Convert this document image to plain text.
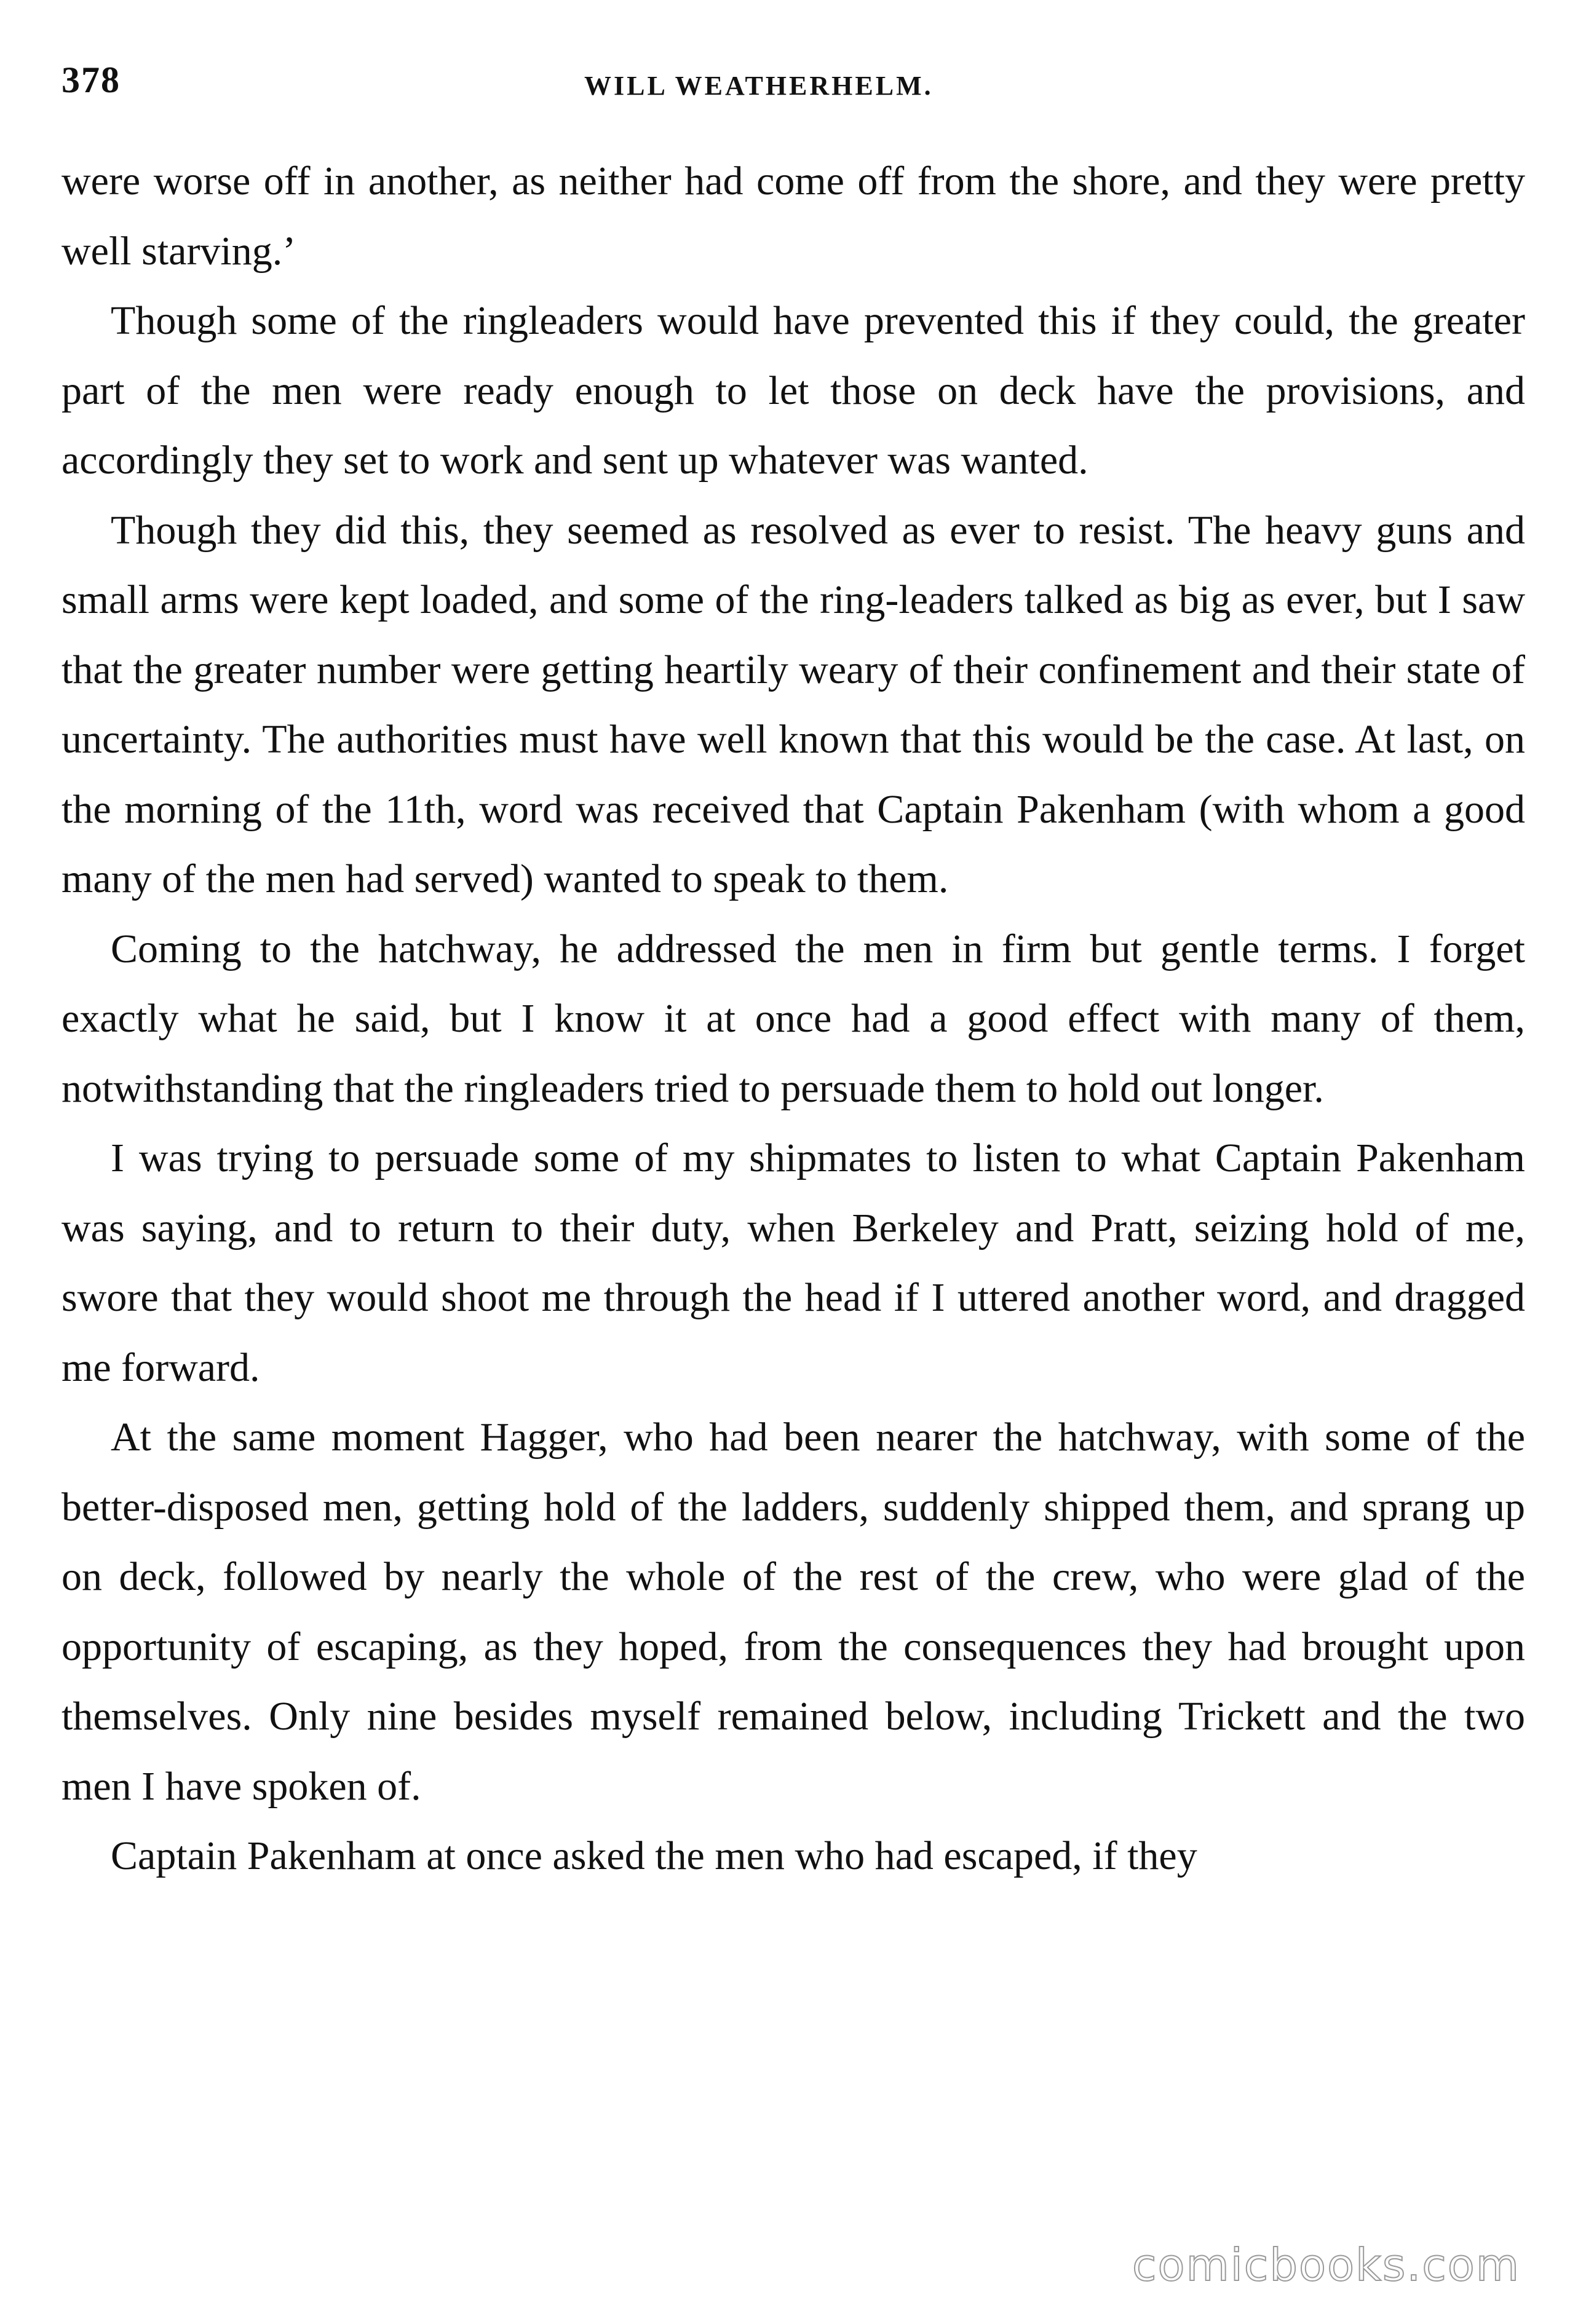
378	WILL WEATHERHELM.

were worse off in another, as neither had come off from the shore, and they were pretty well starving.’

Though some of the ringleaders would have prevented this if they could, the greater part of the men were ready enough to let those on deck have the provisions, and accordingly they set to work and sent up whatever was wanted.

Though they did this, they seemed as resolved as ever to resist. The heavy guns and small arms were kept loaded, and some of the ring-leaders talked as big as ever, but I saw that the greater number were getting heartily weary of their confinement and their state of uncertainty. The authorities must have well known that this would be the case. At last, on the morning of the 11th, word was received that Captain Pakenham (with whom a good many of the men had served) wanted to speak to them.

Coming to the hatchway, he addressed the men in firm but gentle terms. I forget exactly what he said, but I know it at once had a good effect with many of them, notwithstanding that the ringleaders tried to persuade them to hold out longer.

I was trying to persuade some of my shipmates to listen to what Captain Pakenham was saying, and to return to their duty, when Berkeley and Pratt, seizing hold of me, swore that they would shoot me through the head if I uttered another word, and dragged me forward.

At the same moment Hagger, who had been nearer the hatchway, with some of the better-disposed men, getting hold of the ladders, suddenly shipped them, and sprang up on deck, followed by nearly the whole of the rest of the crew, who were glad of the opportunity of escaping, as they hoped, from the consequences they had brought upon themselves. Only nine besides myself remained below, including Trickett and the two men I have spoken of.

Captain Pakenham at once asked the men who had escaped, if they

comicbooks.com
